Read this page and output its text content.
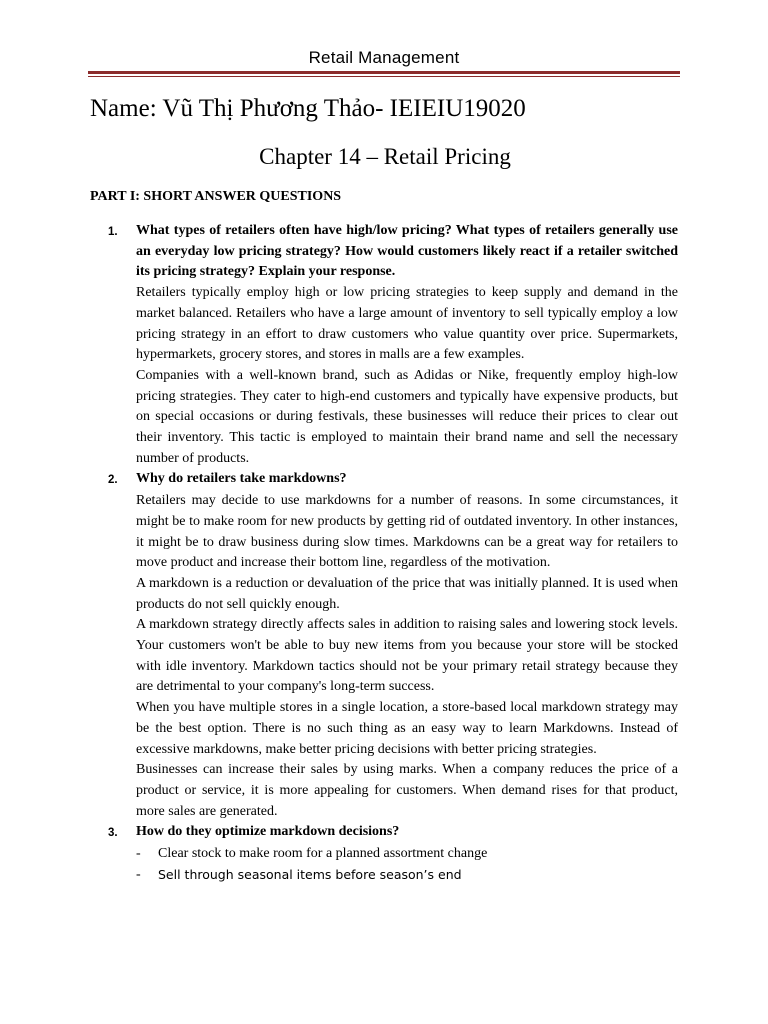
Retail Management
Name: Vũ Thị Phương Thảo- IEIEIU19020
Chapter 14 – Retail Pricing
PART I: SHORT ANSWER QUESTIONS
1.	What types of retailers often have high/low pricing? What types of retailers generally use an everyday low pricing strategy? How would customers likely react if a retailer switched its pricing strategy? Explain your response.
Retailers typically employ high or low pricing strategies to keep supply and demand in the market balanced. Retailers who have a large amount of inventory to sell typically employ a low pricing strategy in an effort to draw customers who value quantity over price. Supermarkets, hypermarkets, grocery stores, and stores in malls are a few examples.
Companies with a well-known brand, such as Adidas or Nike, frequently employ high-low pricing strategies. They cater to high-end customers and typically have expensive products, but on special occasions or during festivals, these businesses will reduce their prices to clear out their inventory. This tactic is employed to maintain their brand name and sell the necessary number of products.
2.	Why do retailers take markdowns?
Retailers may decide to use markdowns for a number of reasons. In some circumstances, it might be to make room for new products by getting rid of outdated inventory. In other instances, it might be to draw business during slow times. Markdowns can be a great way for retailers to move product and increase their bottom line, regardless of the motivation.
A markdown is a reduction or devaluation of the price that was initially planned. It is used when products do not sell quickly enough.
A markdown strategy directly affects sales in addition to raising sales and lowering stock levels. Your customers won't be able to buy new items from you because your store will be stocked with idle inventory. Markdown tactics should not be your primary retail strategy because they are detrimental to your company's long-term success.
When you have multiple stores in a single location, a store-based local markdown strategy may be the best option. There is no such thing as an easy way to learn Markdowns. Instead of excessive markdowns, make better pricing decisions with better pricing strategies.
Businesses can increase their sales by using marks. When a company reduces the price of a product or service, it is more appealing for customers. When demand rises for that product, more sales are generated.
3.	How do they optimize markdown decisions?
-	Clear stock to make room for a planned assortment change
-	Sell through seasonal items before season’s end
